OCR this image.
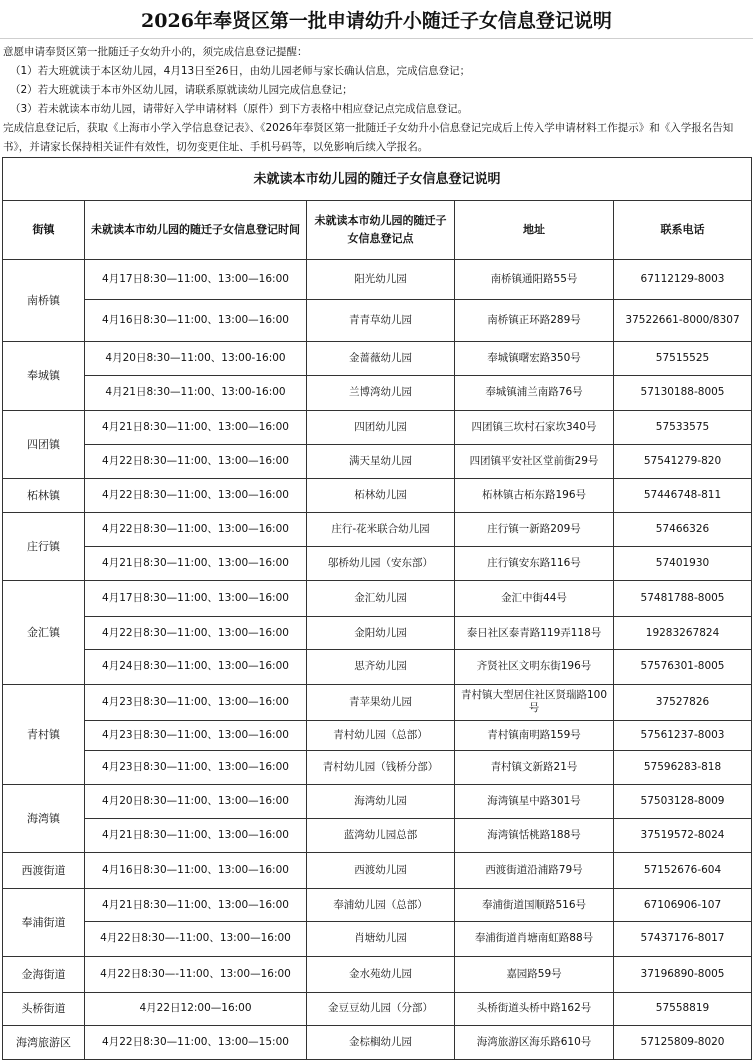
2026年奉贤区第一批申请幼升小随迁子女信息登记说明

意愿申请奉贤区第一批随迁子女幼升小的，须完成信息登记提醒：

（1）若大班就读于本区幼儿园，4月13日至26日，由幼儿园老师与家长确认信息，完成信息登记；

（2）若大班就读于本市外区幼儿园，请联系原就读幼儿园完成信息登记；

（3）若未就读本市幼儿园，请带好入学申请材料（原件）到下方表格中相应登记点完成信息登记。

完成信息登记后，获取《上海市小学入学信息登记表》、《2026年奉贤区第一批随迁子女幼升小信息登记完成后上传入学申请材料工作提示》和《入学报名告知书》，并请家长保持相关证件有效性，切勿变更住址、手机号码等，以免影响后续入学报名。

未就读本市幼儿园的随迁子女信息登记说明				
街镇	未就读本市幼儿园的随迁子女信息登记时间	未就读本市幼儿园的随迁子女信息登记点	地址	联系电话
南桥镇	4月17日8:30—11:00、13:00—16:00	阳光幼儿园	南桥镇通阳路55号	67112129-8003
	4月16日8:30—11:00、13:00—16:00	青青草幼儿园	南桥镇正环路289号	37522661-8000/8307
奉城镇	4月20日8:30—11:00、13:00-16:00	金蔷薇幼儿园	奉城镇曙宏路350号	57515525
	4月21日8:30—11:00、13:00-16:00	兰博湾幼儿园	奉城镇浦兰南路76号	57130188-8005
四团镇	4月21日8:30—11:00、13:00—16:00	四团幼儿园	四团镇三坎村石家坎340号	57533575
	4月22日8:30—11:00、13:00—16:00	满天星幼儿园	四团镇平安社区堂前街29号	57541279-820
柘林镇	4月22日8:30—11:00、13:00—16:00	柘林幼儿园	柘林镇古柘东路196号	57446748-811
庄行镇	4月22日8:30—11:00、13:00—16:00	庄行-花米联合幼儿园	庄行镇一新路209号	57466326
	4月21日8:30—11:00、13:00—16:00	邬桥幼儿园（安东部）	庄行镇安东路116号	57401930
金汇镇	4月17日8:30—11:00、13:00—16:00	金汇幼儿园	金汇中街44号	57481788-8005
	4月22日8:30—11:00、13:00—16:00	金阳幼儿园	泰日社区泰青路119弄118号	19283267824
	4月24日8:30—11:00、13:00—16:00	思齐幼儿园	齐贤社区文明东街196号	57576301-8005
青村镇	4月23日8:30—11:00、13:00—16:00	青苹果幼儿园	青村镇大型居住社区贤瑞路100号	37527826
	4月23日8:30—11:00、13:00—16:00	青村幼儿园（总部）	青村镇南明路159号	57561237-8003
	4月23日8:30—11:00、13:00—16:00	青村幼儿园（钱桥分部）	青村镇文新路21号	57596283-818
海湾镇	4月20日8:30—11:00、13:00—16:00	海湾幼儿园	海湾镇星中路301号	57503128-8009
	4月21日8:30—11:00、13:00—16:00	蓝湾幼儿园总部	海湾镇恬桃路188号	37519572-8024
西渡街道	4月16日8:30—11:00、13:00—16:00	西渡幼儿园	西渡街道沿浦路79号	57152676-604
奉浦街道	4月21日8:30—11:00、13:00—16:00	奉浦幼儿园（总部）	奉浦街道国顺路516号	67106906-107
	4月22日8:30—-11:00、13:00—16:00	肖塘幼儿园	奉浦街道肖塘南虹路88号	57437176-8017
金海街道	4月22日8:30—-11:00、13:00—16:00	金水苑幼儿园	嘉园路59号	37196890-8005
头桥街道	4月22日12:00—16:00	金豆豆幼儿园（分部）	头桥街道头桥中路162号	57558819
海湾旅游区	4月22日8:30—11:00、13:00—15:00	金棕榈幼儿园	海湾旅游区海乐路610号	57125809-8020
